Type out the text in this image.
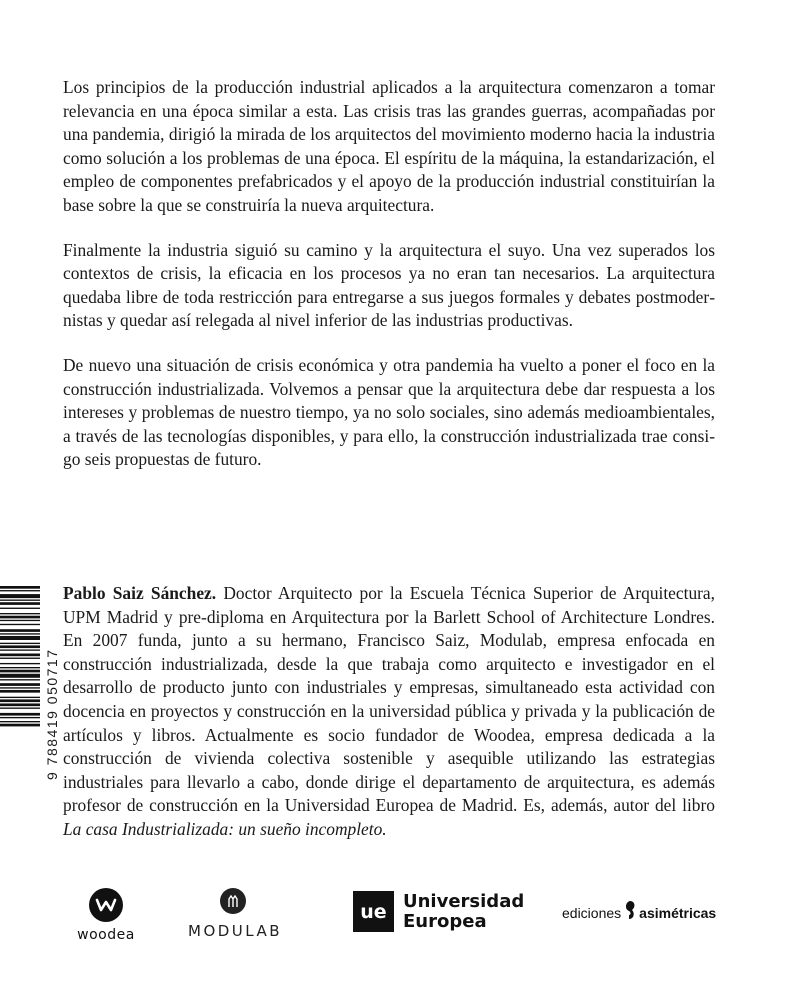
Los principios de la producción industrial aplicados a la arquitectura comenzaron a tomar relevancia en una época similar a esta. Las crisis tras las grandes guerras, acompañadas por una pandemia, dirigió la mirada de los arquitectos del movimiento moderno hacia la industria como solución a los problemas de una época. El espíritu de la máquina, la estandarización, el empleo de componentes prefabricados y el apoyo de la producción industrial constituirían la base sobre la que se construiría la nueva arquitectura.

Finalmente la industria siguió su camino y la arquitectura el suyo. Una vez superados los contextos de crisis, la eficacia en los procesos ya no eran tan necesarios. La arquitectura quedaba libre de toda restricción para entregarse a sus juegos formales y debates postmodernistas y quedar así relegada al nivel inferior de las industrias productivas.

De nuevo una situación de crisis económica y otra pandemia ha vuelto a poner el foco en la construcción industrializada. Volvemos a pensar que la arquitectura debe dar respuesta a los intereses y problemas de nuestro tiempo, ya no solo sociales, sino además medioambientales, a través de las tecnologías disponibles, y para ello, la construcción industrializada trae consigo seis propuestas de futuro.

Pablo Saiz Sánchez. Doctor Arquitecto por la Escuela Técnica Superior de Arquitectura, UPM Madrid y pre-diploma en Arquitectura por la Barlett School of Architecture Londres. En 2007 funda, junto a su hermano, Francisco Saiz, Modulab, empresa enfocada en construcción industrializada, desde la que trabaja como arquitecto e investigador en el desarrollo de producto junto con industriales y empresas, simultaneado esta actividad con docencia en proyectos y construcción en la universidad pública y privada y la publicación de artículos y libros. Actualmente es socio fundador de Woodea, empresa dedicada a la construcción de vivienda colectiva sostenible y asequible utilizando las estrategias industriales para llevarlo a cabo, donde dirige el departamento de arquitectura, es además profesor de construcción en la Universidad Europea de Madrid. Es, además, autor del libro La casa Industrializada: un sueño incompleto.

9 788419 050717
woodea	MODULAB
ue Universidad
Europea	ediciones asimétricas
